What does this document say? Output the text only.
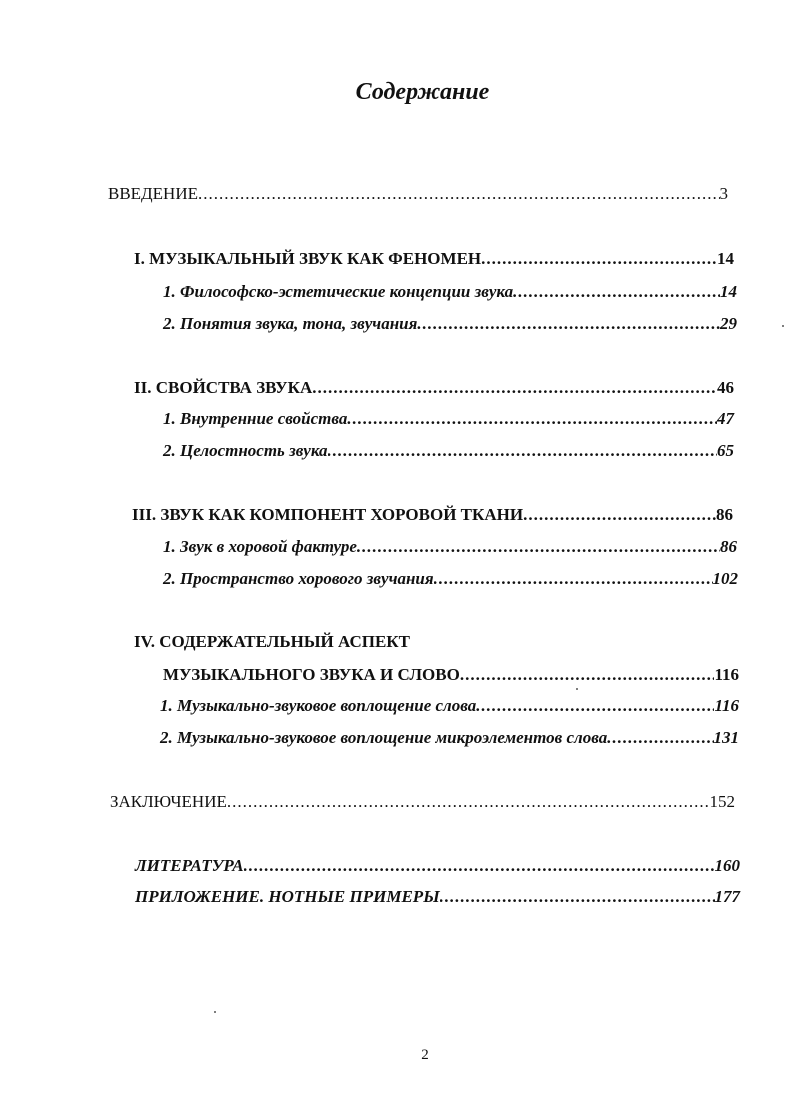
Содержание
ВВЕДЕНИЕ .....	3
I. МУЗЫКАЛЬНЫЙ ЗВУК КАК ФЕНОМЕН .....	14
1. Философско-эстетические концепции звука .....	14
2. Понятия звука, тона, звучания .....	29
II. СВОЙСТВА ЗВУКА .....	46
1. Внутренние свойства .....	47
2. Целостность звука .....	65
III. ЗВУК КАК КОМПОНЕНТ ХОРОВОЙ ТКАНИ .....	86
1. Звук в хоровой фактуре .....	86
2. Пространство хорового звучания .....	102
IV. СОДЕРЖАТЕЛЬНЫЙ АСПЕКТ
МУЗЫКАЛЬНОГО ЗВУКА И СЛОВО .....	116
1. Музыкально-звуковое воплощение слова .....	116
2. Музыкально-звуковое воплощение микроэлементов слова .....	131
ЗАКЛЮЧЕНИЕ .....	152
ЛИТЕРАТУРА .....	160
ПРИЛОЖЕНИЕ. НОТНЫЕ ПРИМЕРЫ .....	177
2
